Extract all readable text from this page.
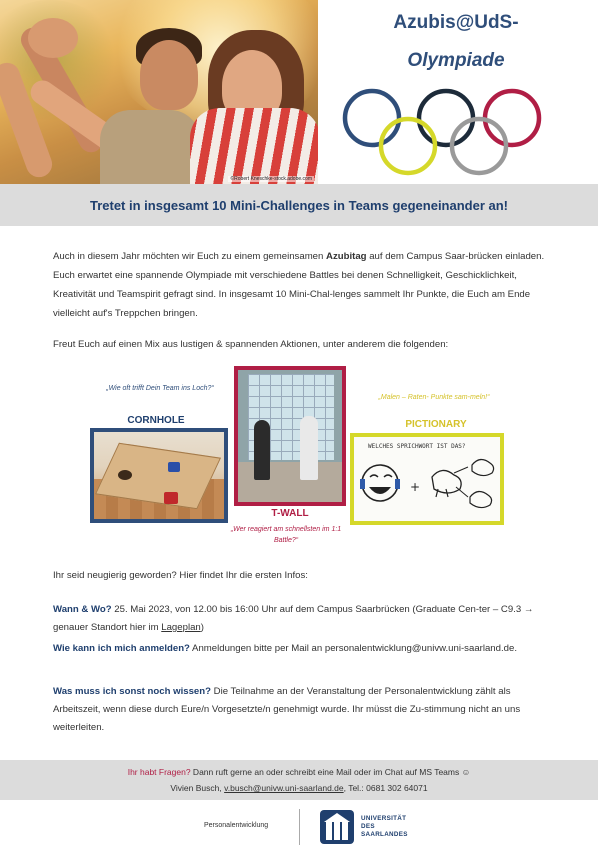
©Robert Kneschke-stock.adobe.com
Azubis@UdS-
Olympiade
Tretet in insgesamt 10 Mini-Challenges in Teams gegeneinander an!
Auch in diesem Jahr möchten wir Euch zu einem gemeinsamen Azubitag auf dem Campus Saar-brücken einladen. Euch erwartet eine spannende Olympiade mit verschiedene Battles bei denen Schnelligkeit, Geschicklichkeit, Kreativität und Teamspirit gefragt sind. In insgesamt 10 Mini-Chal-lenges sammelt Ihr Punkte, die Euch am Ende vielleicht auf's Treppchen bringen.
Freut Euch auf einen Mix aus lustigen & spannenden Aktionen, unter anderem die folgenden:
„Wie oft trifft Dein Team ins Loch?“
CORNHOLE
T-WALL
„Wer reagiert am schnellsten im 1:1 Battle?“
„Malen – Raten- Punkte sam-meln!“
PICTIONARY
WELCHES SPRICHWORT IST DAS?
+
Ihr seid neugierig geworden? Hier findet Ihr die ersten Infos:
Wann & Wo? 25. Mai 2023, von 12.00 bis 16:00 Uhr auf dem Campus Saarbrücken (Graduate Cen-ter – C9.3 → genauer Standort hier im Lageplan)
Wie kann ich mich anmelden? Anmeldungen bitte per Mail an personalentwicklung@univw.uni-saarland.de.
Was muss ich sonst noch wissen? Die Teilnahme an der Veranstaltung der Personalentwicklung zählt als Arbeitszeit, wenn diese durch Eure/n Vorgesetzte/n genehmigt wurde. Ihr müsst die Zu-stimmung nicht an uns weiterleiten.
Ihr habt Fragen? Dann ruft gerne an oder schreibt eine Mail oder im Chat auf MS Teams ☺
Vivien Busch, v.busch@univw.uni-saarland.de, Tel.: 0681 302 64071
Personalentwicklung
UNIVERSITÄT
DES
SAARLANDES
